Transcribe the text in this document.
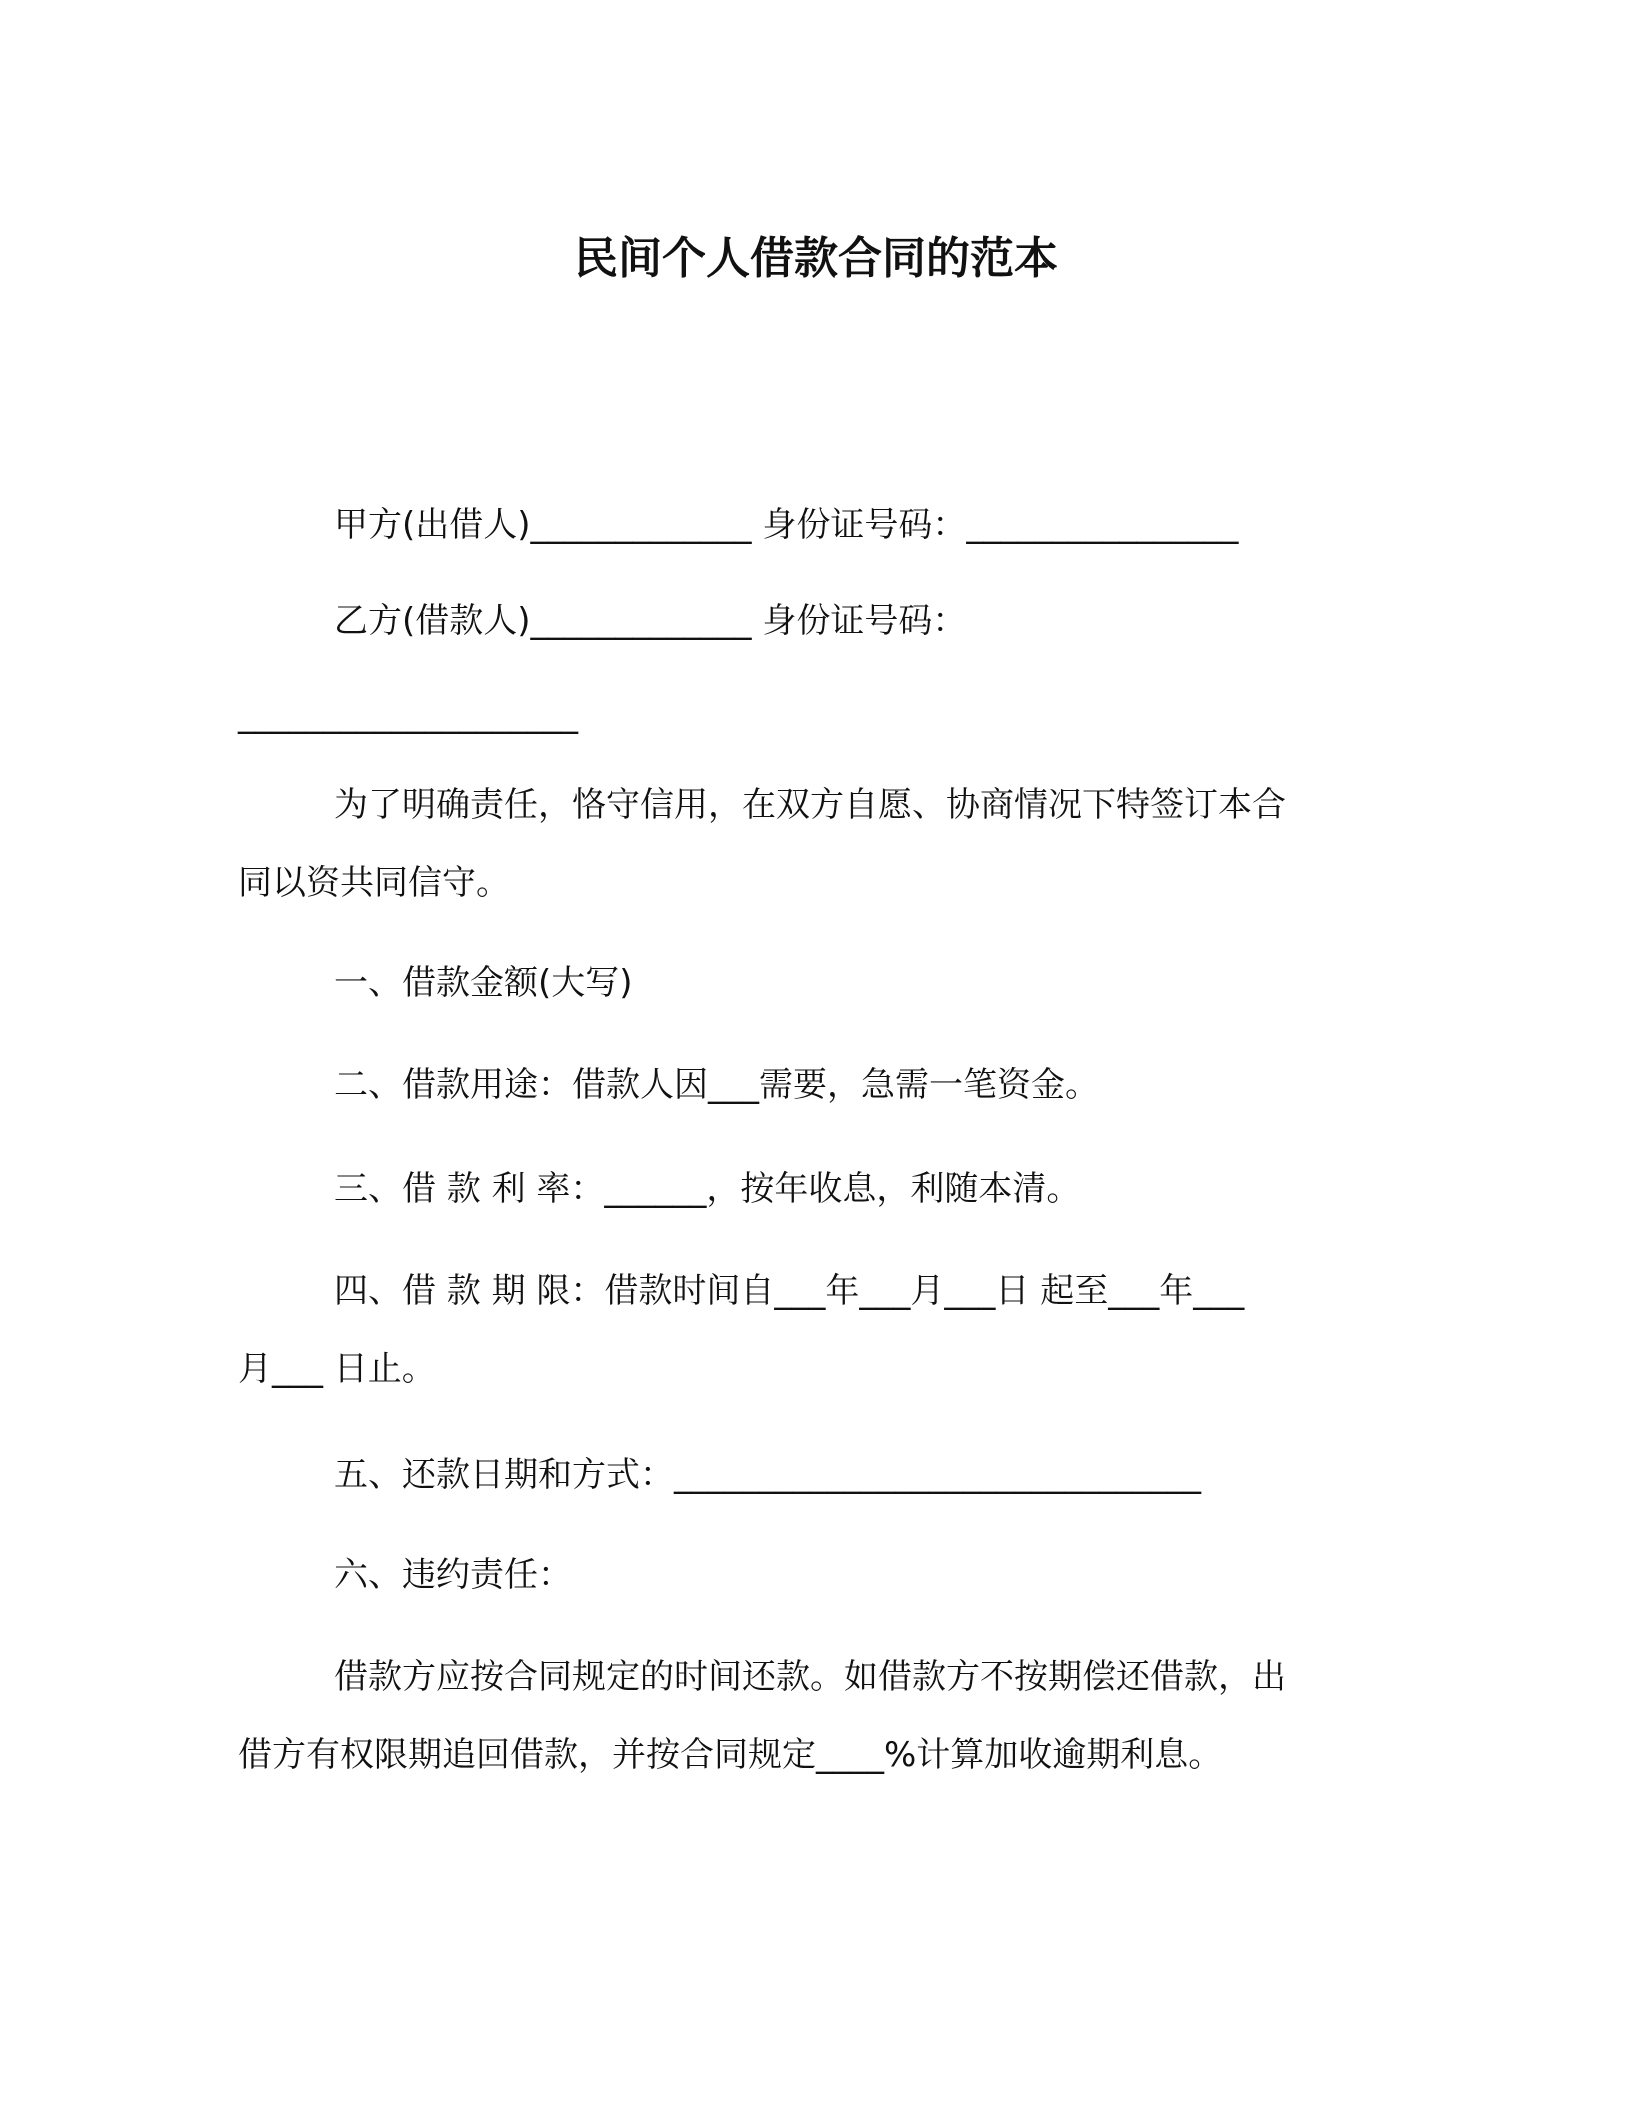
民间个人借款合同的范本
甲方(出借人)_____________ 身份证号码：________________
乙方(借款人)_____________ 身份证号码：
____________________
为了明确责任，恪守信用，在双方自愿、协商情况下特签订本合
同以资共同信守。
一、借款金额(大写)
二、借款用途：借款人因___需要，急需一笔资金。
三、借 款 利 率：______，按年收息，利随本清。
四、借 款 期 限：借款时间自___年___月___日 起至___年___
月___ 日止。
五、还款日期和方式：_______________________________
六、违约责任：
借款方应按合同规定的时间还款。如借款方不按期偿还借款，出
借方有权限期追回借款，并按合同规定____%计算加收逾期利息。
